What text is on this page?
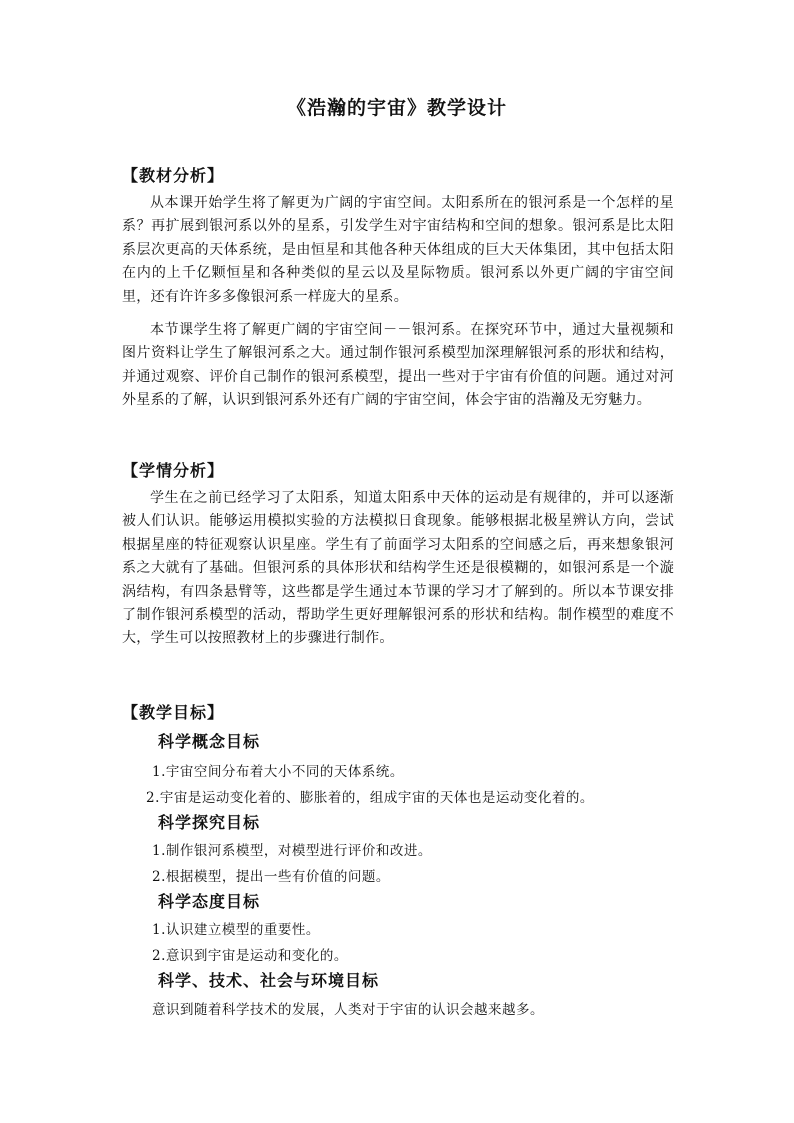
《浩瀚的宇宙》教学设计
【教材分析】

从本课开始学生将了解更为广阔的宇宙空间。太阳系所在的银河系是一个怎样的星系？再扩展到银河系以外的星系，引发学生对宇宙结构和空间的想象。银河系是比太阳系层次更高的天体系统，是由恒星和其他各种天体组成的巨大天体集团，其中包括太阳在内的上千亿颗恒星和各种类似的星云以及星际物质。银河系以外更广阔的宇宙空间里，还有许许多多像银河系一样庞大的星系。

本节课学生将了解更广阔的宇宙空间－－银河系。在探究环节中，通过大量视频和图片资料让学生了解银河系之大。通过制作银河系模型加深理解银河系的形状和结构，并通过观察、评价自己制作的银河系模型，提出一些对于宇宙有价值的问题。通过对河外星系的了解，认识到银河系外还有广阔的宇宙空间，体会宇宙的浩瀚及无穷魅力。

【学情分析】

学生在之前已经学习了太阳系，知道太阳系中天体的运动是有规律的，并可以逐渐被人们认识。能够运用模拟实验的方法模拟日食现象。能够根据北极星辨认方向，尝试根据星座的特征观察认识星座。学生有了前面学习太阳系的空间感之后，再来想象银河系之大就有了基础。但银河系的具体形状和结构学生还是很模糊的，如银河系是一个漩涡结构，有四条悬臂等，这些都是学生通过本节课的学习才了解到的。所以本节课安排了制作银河系模型的活动，帮助学生更好理解银河系的形状和结构。制作模型的难度不大，学生可以按照教材上的步骤进行制作。

【教学目标】
科学概念目标
1.宇宙空间分布着大小不同的天体系统。
2.宇宙是运动变化着的、膨胀着的，组成宇宙的天体也是运动变化着的。
科学探究目标
1.制作银河系模型，对模型进行评价和改进。
2.根据模型，提出一些有价值的问题。
科学态度目标
1.认识建立模型的重要性。
2.意识到宇宙是运动和变化的。
科学、技术、社会与环境目标
意识到随着科学技术的发展，人类对于宇宙的认识会越来越多。
